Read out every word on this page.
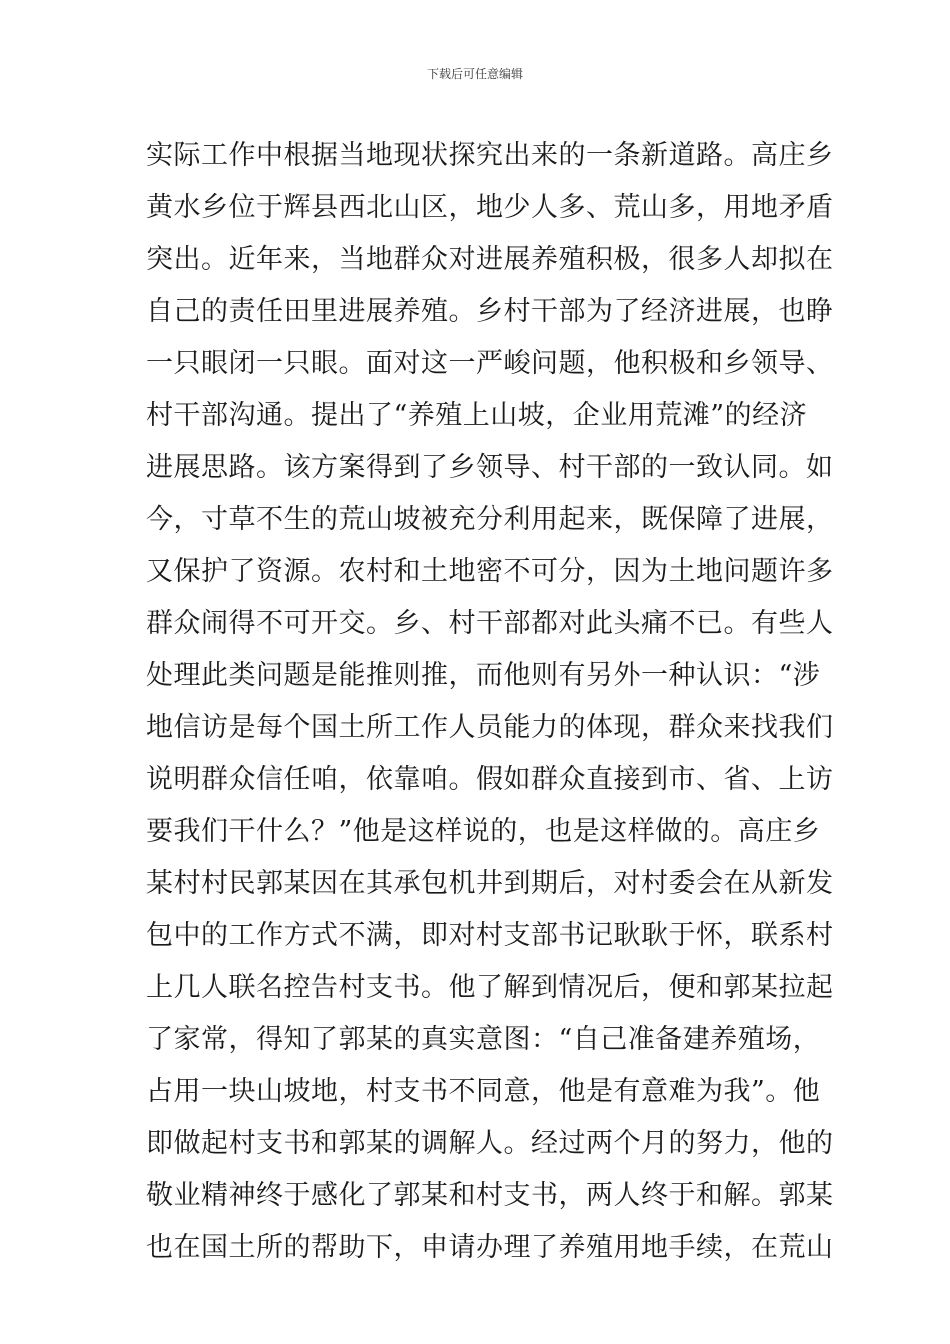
下载后可任意编辑
实际工作中根据当地现状探究出来的一条新道路。高庄乡
黄水乡位于辉县西北山区，地少人多、荒山多，用地矛盾
突出。近年来，当地群众对进展养殖积极，很多人却拟在
自己的责任田里进展养殖。乡村干部为了经济进展，也睁
一只眼闭一只眼。面对这一严峻问题，他积极和乡领导、
村干部沟通。提出了“养殖上山坡，企业用荒滩”的经济
进展思路。该方案得到了乡领导、村干部的一致认同。如
今，寸草不生的荒山坡被充分利用起来，既保障了进展，
又保护了资源。农村和土地密不可分，因为土地问题许多
群众闹得不可开交。乡、村干部都对此头痛不已。有些人
处理此类问题是能推则推，而他则有另外一种认识：“涉
地信访是每个国土所工作人员能力的体现，群众来找我们
说明群众信任咱，依靠咱。假如群众直接到市、省、上访
要我们干什么？”他是这样说的，也是这样做的。高庄乡
某村村民郭某因在其承包机井到期后，对村委会在从新发
包中的工作方式不满，即对村支部书记耿耿于怀，联系村
上几人联名控告村支书。他了解到情况后，便和郭某拉起
了家常，得知了郭某的真实意图：“自己准备建养殖场，
占用一块山坡地，村支书不同意，他是有意难为我”。他
即做起村支书和郭某的调解人。经过两个月的努力，他的
敬业精神终于感化了郭某和村支书，两人终于和解。郭某
也在国土所的帮助下，申请办理了养殖用地手续，在荒山
